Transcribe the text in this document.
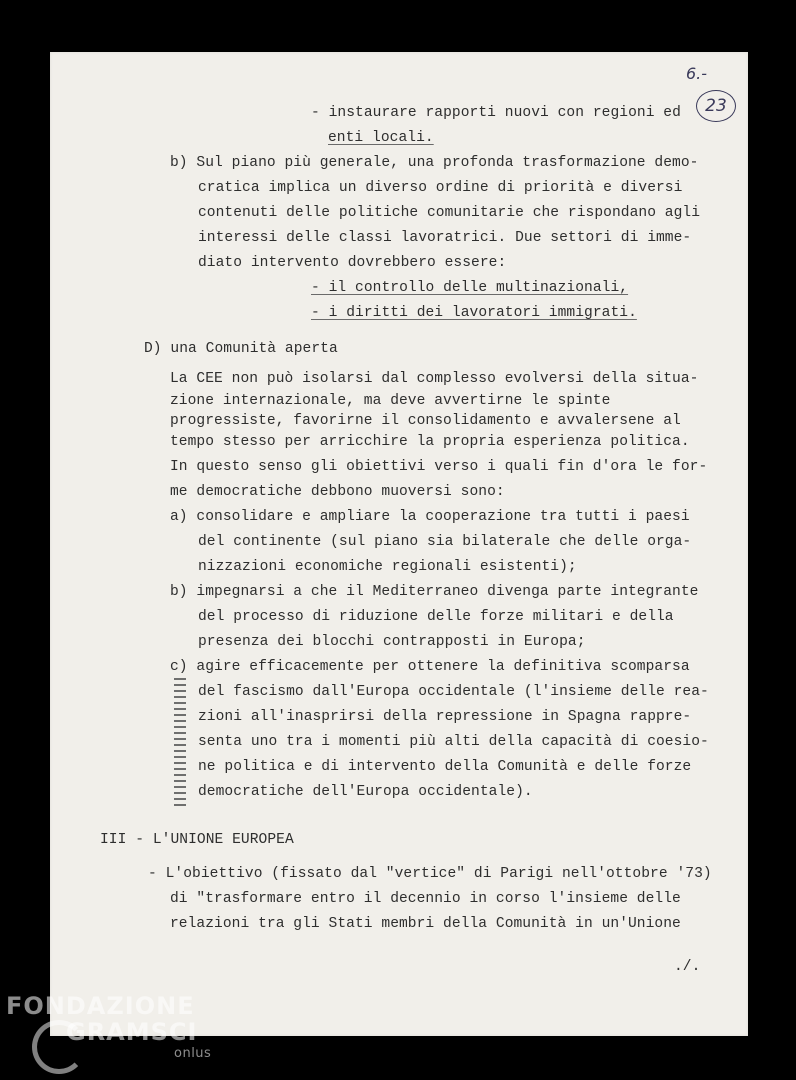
6.-
23
- instaurare rapporti nuovi con regioni ed
enti locali.
b) Sul piano più generale, una profonda trasformazione demo-
cratica implica un diverso ordine di priorità e diversi
contenuti delle politiche comunitarie che rispondano agli
interessi delle classi lavoratrici. Due settori di imme-
diato intervento dovrebbero essere:
- il controllo delle multinazionali,
- i diritti dei lavoratori immigrati.
D) una Comunità aperta
La CEE non può isolarsi dal complesso evolversi della situa-
zione internazionale, ma deve avvertirne le spinte
progressiste, favorirne il consolidamento e avvalersene al
tempo stesso per arricchire la propria esperienza politica.
In questo senso gli obiettivi verso i quali fin d'ora le for-
me democratiche debbono muoversi sono:
a) consolidare e ampliare la cooperazione tra tutti i paesi
del continente (sul piano sia bilaterale che delle orga-
nizzazioni economiche regionali esistenti);
b) impegnarsi a che il Mediterraneo divenga parte integrante
del processo di riduzione delle forze militari e della
presenza dei blocchi contrapposti in Europa;
c) agire efficacemente per ottenere la definitiva scomparsa
del fascismo dall'Europa occidentale (l'insieme delle rea-
zioni all'inasprirsi della repressione in Spagna rappre-
senta uno tra i momenti più alti della capacità di coesio-
ne politica e di intervento della Comunità e delle forze
democratiche dell'Europa occidentale).
III - L'UNIONE EUROPEA
- L'obiettivo (fissato dal "vertice" di Parigi nell'ottobre '73)
di "trasformare entro il decennio in corso l'insieme delle
relazioni tra gli Stati membri della Comunità in un'Unione
./.
FONDAZIONE
GRAMSCI
onlus
